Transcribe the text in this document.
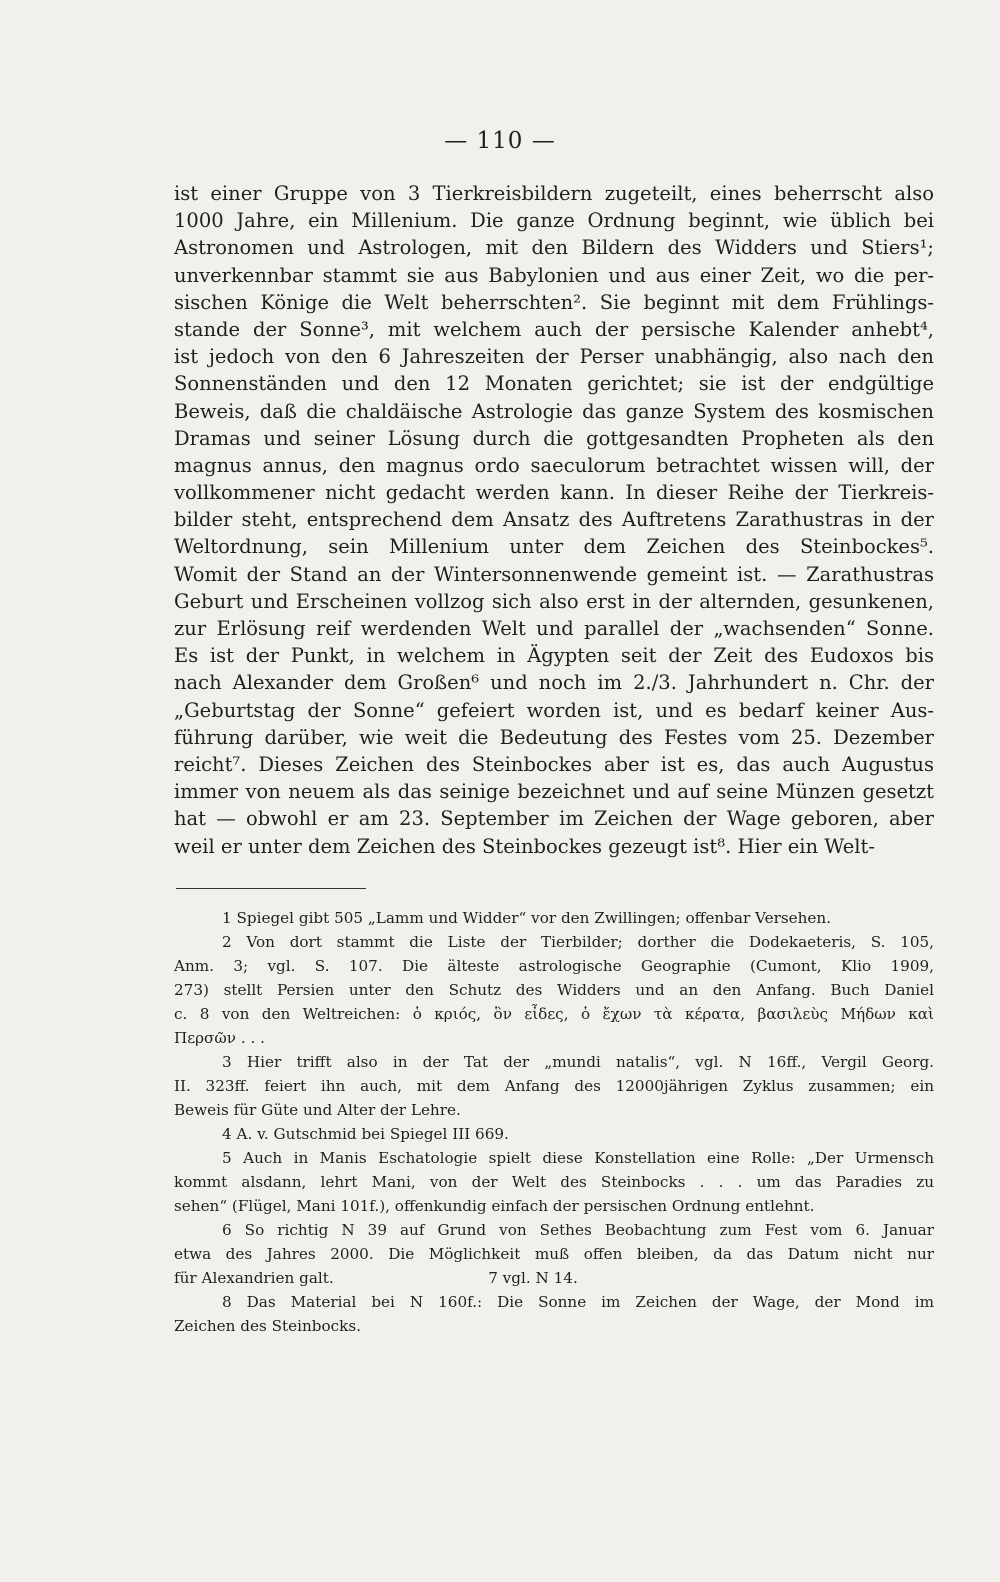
— 110 —
ist einer Gruppe von 3 Tierkreisbildern zugeteilt, eines beherrscht also
1000 Jahre, ein Millenium. Die ganze Ordnung beginnt, wie üblich bei
Astronomen und Astrologen, mit den Bildern des Widders und Stiers¹;
unverkennbar stammt sie aus Babylonien und aus einer Zeit, wo die per-
sischen Könige die Welt beherrschten². Sie beginnt mit dem Frühlings-
stande der Sonne³, mit welchem auch der persische Kalender anhebt⁴,
ist jedoch von den 6 Jahreszeiten der Perser unabhängig, also nach den
Sonnenständen und den 12 Monaten gerichtet; sie ist der endgültige
Beweis, daß die chaldäische Astrologie das ganze System des kosmischen
Dramas und seiner Lösung durch die gottgesandten Propheten als den
magnus annus, den magnus ordo saeculorum betrachtet wissen will, der
vollkommener nicht gedacht werden kann. In dieser Reihe der Tierkreis-
bilder steht, entsprechend dem Ansatz des Auftretens Zarathustras in der
Weltordnung, sein Millenium unter dem Zeichen des Steinbockes⁵.
Womit der Stand an der Wintersonnenwende gemeint ist. — Zarathustras
Geburt und Erscheinen vollzog sich also erst in der alternden, gesunkenen,
zur Erlösung reif werdenden Welt und parallel der „wachsenden“ Sonne.
Es ist der Punkt, in welchem in Ägypten seit der Zeit des Eudoxos bis
nach Alexander dem Großen⁶ und noch im 2./3. Jahrhundert n. Chr. der
„Geburtstag der Sonne“ gefeiert worden ist, und es bedarf keiner Aus-
führung darüber, wie weit die Bedeutung des Festes vom 25. Dezember
reicht⁷. Dieses Zeichen des Steinbockes aber ist es, das auch Augustus
immer von neuem als das seinige bezeichnet und auf seine Münzen gesetzt
hat — obwohl er am 23. September im Zeichen der Wage geboren, aber
weil er unter dem Zeichen des Steinbockes gezeugt ist⁸. Hier ein Welt-
1 Spiegel gibt 505 „Lamm und Widder“ vor den Zwillingen; offenbar Versehen.
2 Von dort stammt die Liste der Tierbilder; dorther die Dodekaeteris, S. 105,
Anm. 3; vgl. S. 107. Die älteste astrologische Geographie (Cumont, Klio 1909,
273) stellt Persien unter den Schutz des Widders und an den Anfang. Buch Daniel
c. 8 von den Weltreichen: ὁ κριός, ὃν εἶδες, ὁ ἔχων τὰ κέρατα, βασιλεὺς Μήδων καὶ
Περσῶν . . .
3 Hier trifft also in der Tat der „mundi natalis“, vgl. N 16ff., Vergil Georg.
II. 323ff. feiert ihn auch, mit dem Anfang des 12000jährigen Zyklus zusammen; ein
Beweis für Güte und Alter der Lehre.
4 A. v. Gutschmid bei Spiegel III 669.
5 Auch in Manis Eschatologie spielt diese Konstellation eine Rolle: „Der Urmensch
kommt alsdann, lehrt Mani, von der Welt des Steinbocks . . . um das Paradies zu
sehen“ (Flügel, Mani 101f.), offenkundig einfach der persischen Ordnung entlehnt.
6 So richtig N 39 auf Grund von Sethes Beobachtung zum Fest vom 6. Januar
etwa des Jahres 2000. Die Möglichkeit muß offen bleiben, da das Datum nicht nur
für Alexandrien galt.                                7 vgl. N 14.
8 Das Material bei N 160f.: Die Sonne im Zeichen der Wage, der Mond im
Zeichen des Steinbocks.
